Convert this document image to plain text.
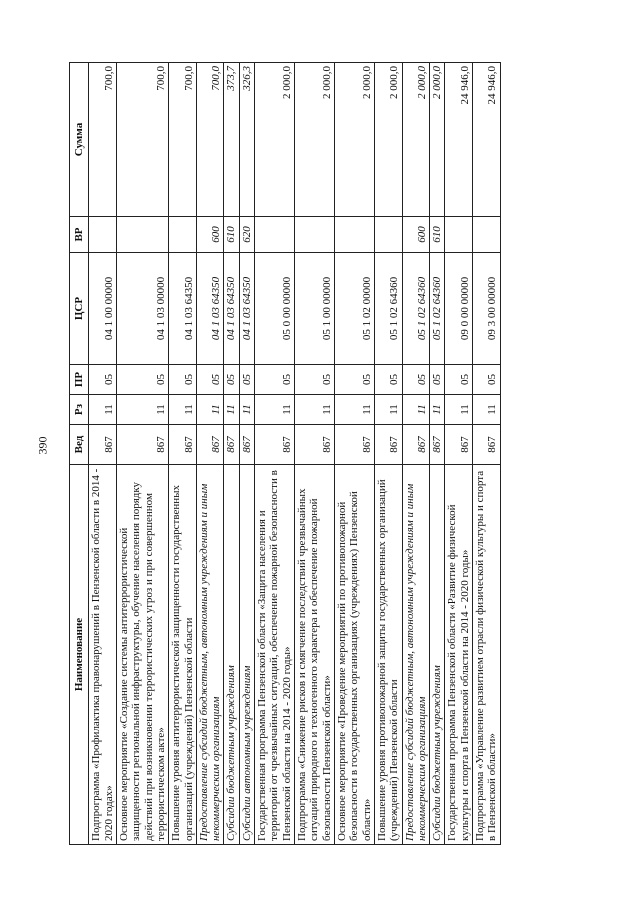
390
Наименование	Вед	Рз	ПР	ЦСР	ВР	Сумма
Подпрограмма «Профилактика правонарушений в Пензенской области в 2014 - 2020 годах»	867	11	05	04 1 00 00000		700,0
Основное мероприятие «Создание системы антитеррористической защищенности региональной инфраструктуры, обучение населения порядку действий при возникновении террористических угроз и при совершенном террористическом акте»	867	11	05	04 1 03 00000		700,0
Повышение уровня антитеррористической защищенности государственных организаций (учреждений) Пензенской области	867	11	05	04 1 03 64350		700,0
Предоставление субсидий бюджетным, автономным учреждениям и иным некоммерческим организациям	867	11	05	04 1 03 64350	600	700,0
Субсидии бюджетным учреждениям	867	11	05	04 1 03 64350	610	373,7
Субсидии автономным учреждениям	867	11	05	04 1 03 64350	620	326,3
Государственная программа Пензенской области «Защита населения и территорий от чрезвычайных ситуаций, обеспечение пожарной безопасности в Пензенской области на 2014 - 2020 годы»	867	11	05	05 0 00 00000		2 000,0
Подпрограмма «Снижение рисков и смягчение последствий чрезвычайных ситуаций природного и техногенного характера и обеспечение пожарной безопасности Пензенской области»	867	11	05	05 1 00 00000		2 000,0
Основное мероприятие «Проведение мероприятий по противопожарной безопасности в государственных организациях (учреждениях) Пензенской области»	867	11	05	05 1 02 00000		2 000,0
Повышение уровня противопожарной защиты государственных организаций (учреждений) Пензенской области	867	11	05	05 1 02 64360		2 000,0
Предоставление субсидий бюджетным, автономным учреждениям и иным некоммерческим организациям	867	11	05	05 1 02 64360	600	2 000,0
Субсидии бюджетным учреждениям	867	11	05	05 1 02 64360	610	2 000,0
Государственная программа Пензенской области «Развитие физической культуры и спорта в Пензенской области на 2014 - 2020 годы»	867	11	05	09 0 00 00000		24 946,0
Подпрограмма «Управление развитием отрасли физической культуры и спорта в Пензенской области»	867	11	05	09 3 00 00000		24 946,0
